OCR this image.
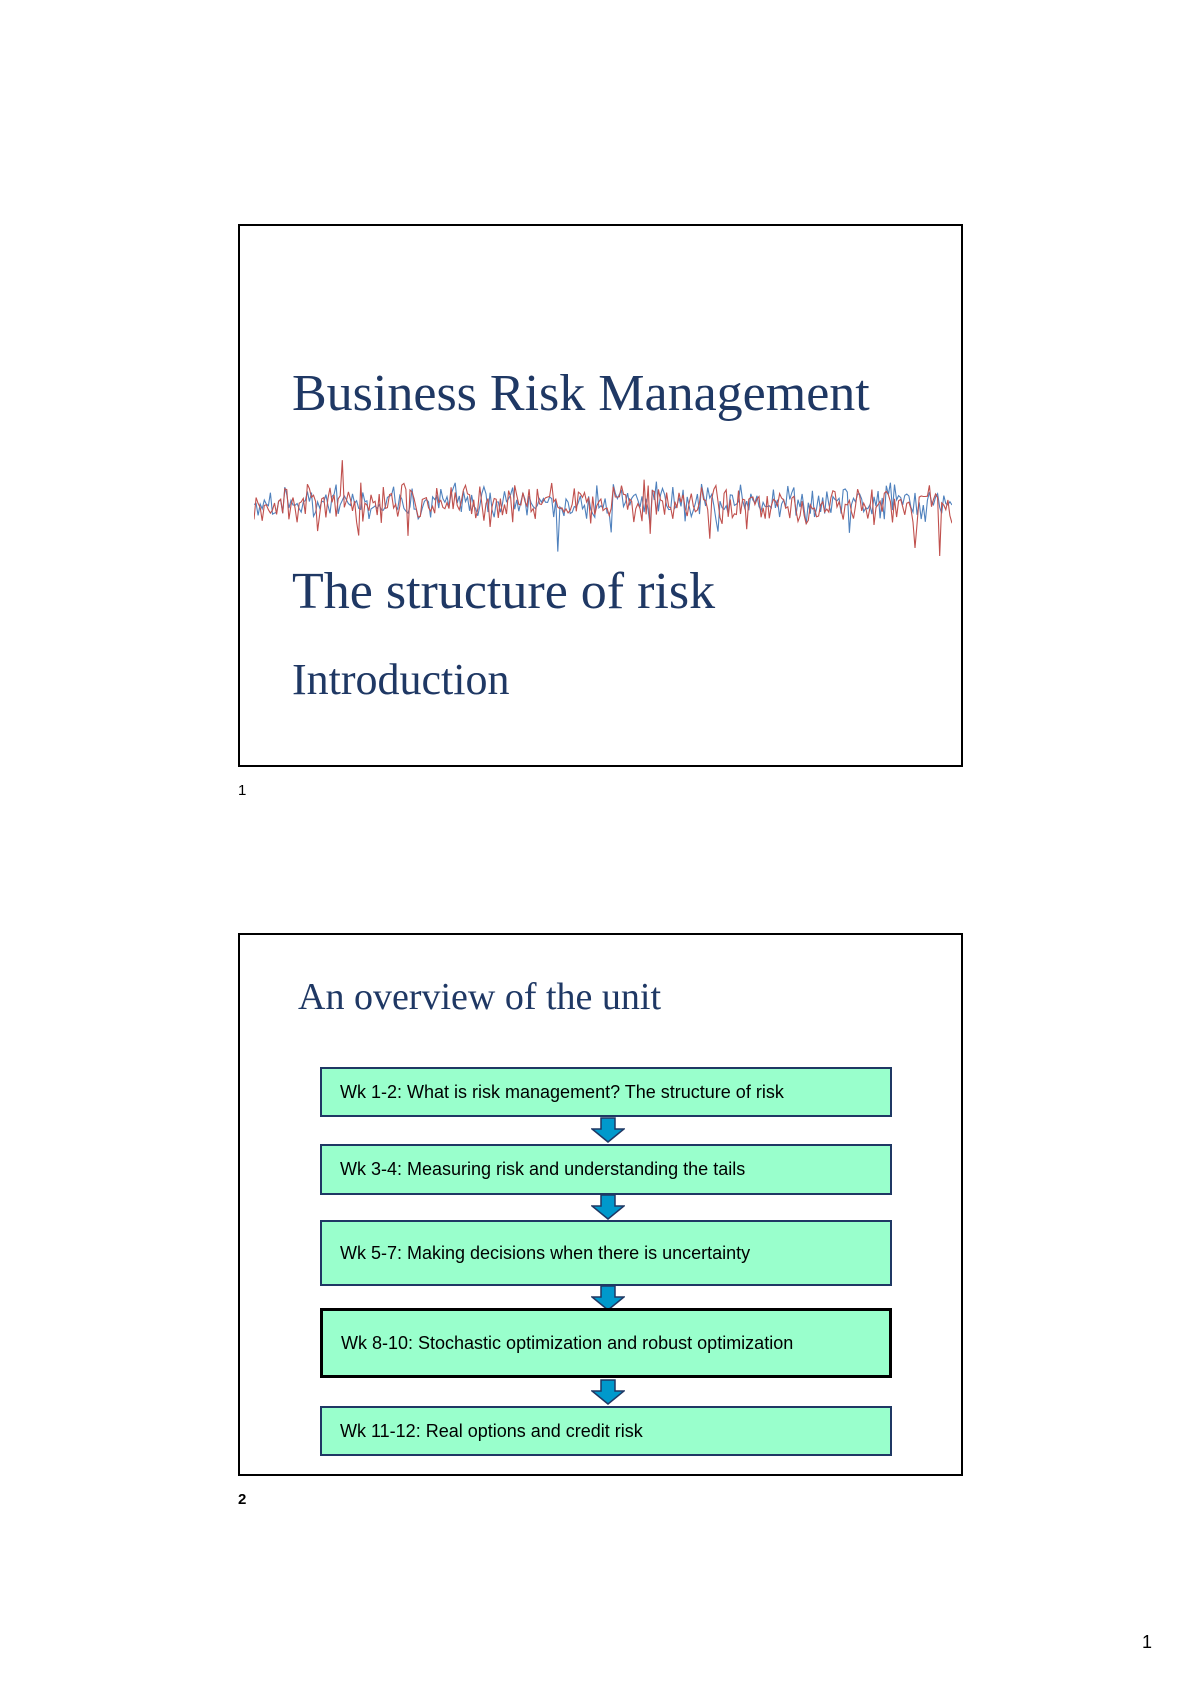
Business Risk Management
The structure of risk
Introduction
1
An overview of the unit
Wk 1-2: What is risk management? The structure of risk
Wk 3-4: Measuring risk and understanding the tails
Wk 5-7: Making decisions when there is uncertainty
Wk 8-10: Stochastic optimization and robust optimization
Wk 11-12: Real options and credit risk
2
1
